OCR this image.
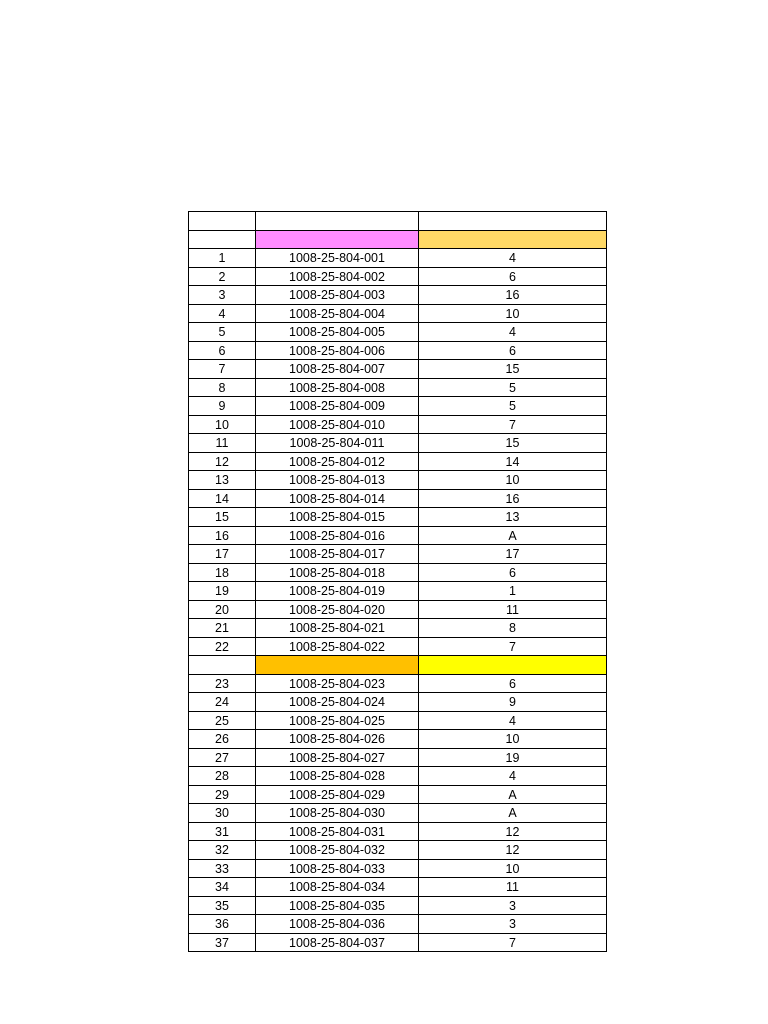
1	1008-25-804-001	4
2	1008-25-804-002	6
3	1008-25-804-003	16
4	1008-25-804-004	10
5	1008-25-804-005	4
6	1008-25-804-006	6
7	1008-25-804-007	15
8	1008-25-804-008	5
9	1008-25-804-009	5
10	1008-25-804-010	7
11	1008-25-804-011	15
12	1008-25-804-012	14
13	1008-25-804-013	10
14	1008-25-804-014	16
15	1008-25-804-015	13
16	1008-25-804-016	A
17	1008-25-804-017	17
18	1008-25-804-018	6
19	1008-25-804-019	1
20	1008-25-804-020	11
21	1008-25-804-021	8
22	1008-25-804-022	7
23	1008-25-804-023	6
24	1008-25-804-024	9
25	1008-25-804-025	4
26	1008-25-804-026	10
27	1008-25-804-027	19
28	1008-25-804-028	4
29	1008-25-804-029	A
30	1008-25-804-030	A
31	1008-25-804-031	12
32	1008-25-804-032	12
33	1008-25-804-033	10
34	1008-25-804-034	11
35	1008-25-804-035	3
36	1008-25-804-036	3
37	1008-25-804-037	7
